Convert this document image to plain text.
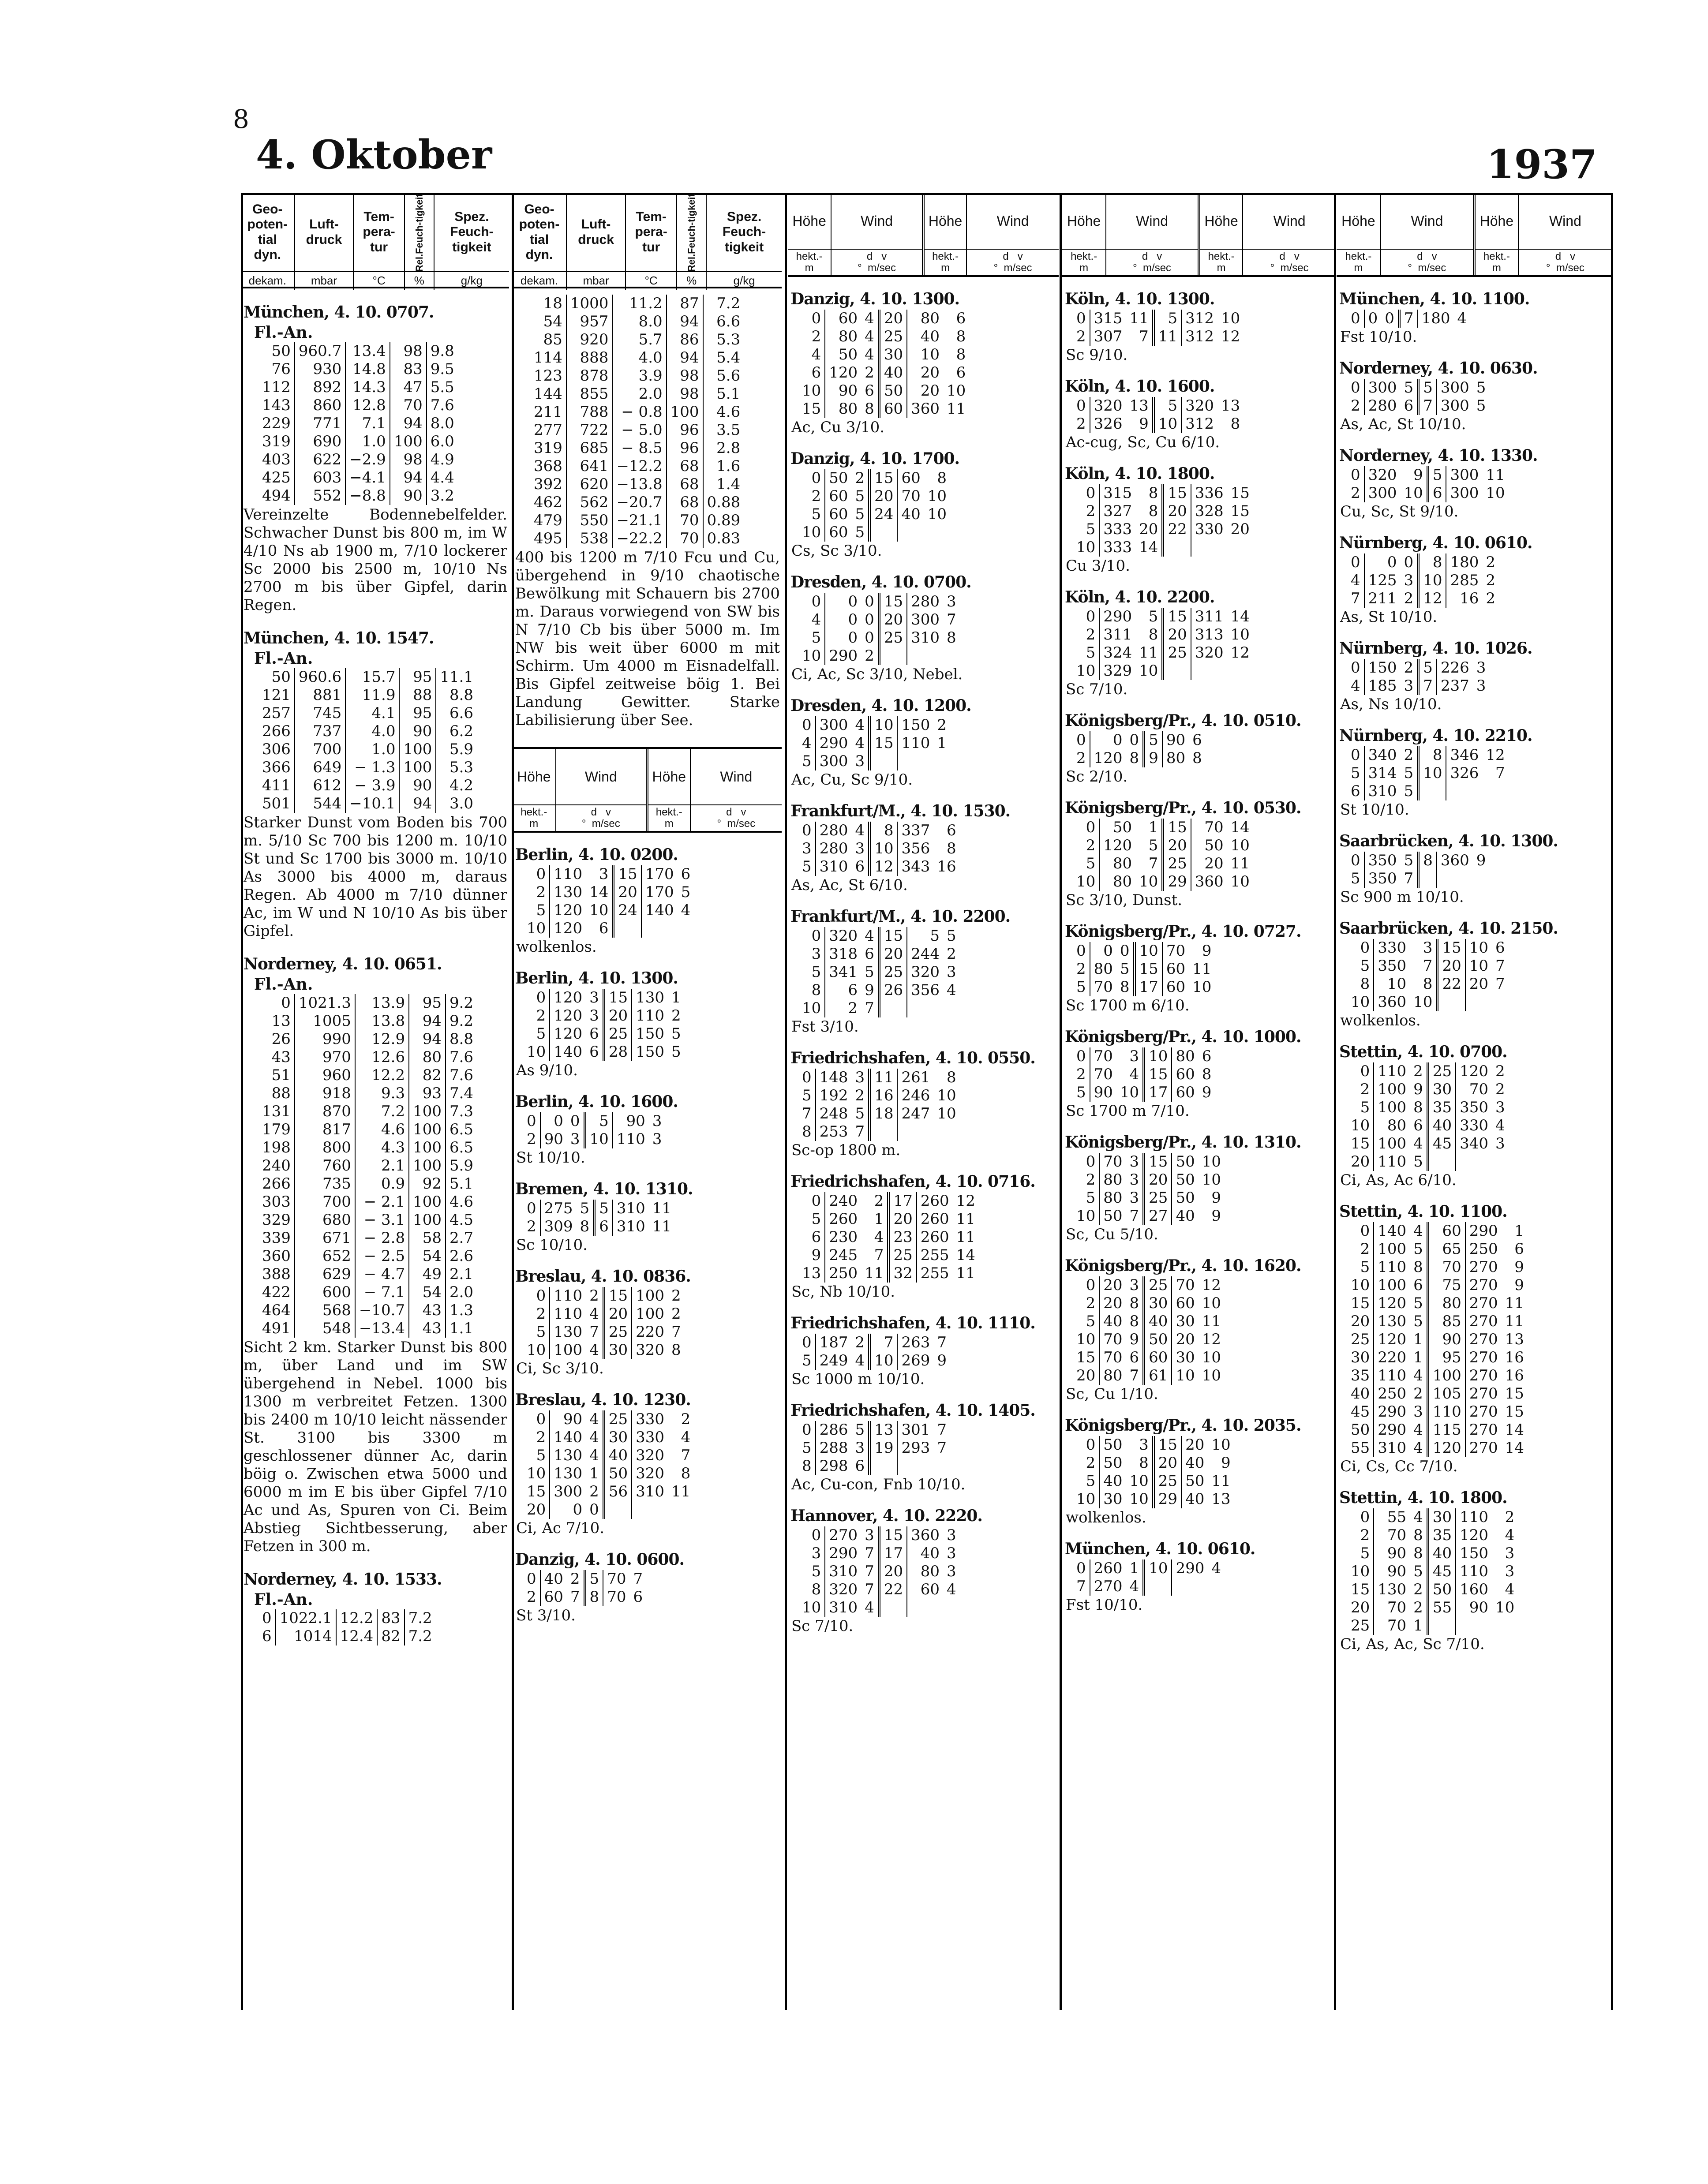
8
4. Oktober	1937
Geo-
poten-
tial
dyn.	Luft-
druck	Tem-
pera-
tur	Rel.Feuch-tigkeit	Spez.
Feuch-
tigkeit
dekam.	mbar	°C	%	g/kg
München, 4. 10. 0707.
Fl.-An.
50	960.7	13.4	98	9.8
76	930	14.8	83	9.5
112	892	14.3	47	5.5
143	860	12.8	70	7.6
229	771	7.1	94	8.0
319	690	1.0	100	6.0
403	622	−2.9	98	4.9
425	603	−4.1	94	4.4
494	552	−8.8	90	3.2
Vereinzelte Bodennebelfelder. Schwacher Dunst bis 800 m, im W 4/10 Ns ab 1900 m, 7/10 lockerer Sc 2000 bis 2500 m, 10/10 Ns 2700 m bis über Gipfel, darin Regen.
München, 4. 10. 1547.
Fl.-An.
50	960.6	15.7	95	11.1
121	881	11.9	88	8.8
257	745	4.1	95	6.6
266	737	4.0	90	6.2
306	700	1.0	100	5.9
366	649	− 1.3	100	5.3
411	612	− 3.9	90	4.2
501	544	−10.1	94	3.0
Starker Dunst vom Boden bis 700 m. 5/10 Sc 700 bis 1200 m. 10/10 St und Sc 1700 bis 3000 m. 10/10 As 3000 bis 4000 m, daraus Regen. Ab 4000 m 7/10 dünner Ac, im W und N 10/10 As bis über Gipfel.
Norderney, 4. 10. 0651.
Fl.-An.
0	1021.3	13.9	95	9.2
13	1005	13.8	94	9.2
26	990	12.9	94	8.8
43	970	12.6	80	7.6
51	960	12.2	82	7.6
88	918	9.3	93	7.4
131	870	7.2	100	7.3
179	817	4.6	100	6.5
198	800	4.3	100	6.5
240	760	2.1	100	5.9
266	735	0.9	92	5.1
303	700	− 2.1	100	4.6
329	680	− 3.1	100	4.5
339	671	− 2.8	58	2.7
360	652	− 2.5	54	2.6
388	629	− 4.7	49	2.1
422	600	− 7.1	54	2.0
464	568	−10.7	43	1.3
491	548	−13.4	43	1.1
Sicht 2 km. Starker Dunst bis 800 m, über Land und im SW übergehend in Nebel. 1000 bis 1300 m verbreitet Fetzen. 1300 bis 2400 m 10/10 leicht nässender St. 3100 bis 3300 m geschlossener dünner Ac, darin böig o. Zwischen etwa 5000 und 6000 m im E bis über Gipfel 7/10 Ac und As, Spuren von Ci. Beim Abstieg Sichtbesserung, aber Fetzen in 300 m.
Norderney, 4. 10. 1533.
Fl.-An.
0	1022.1	12.2	83	7.2
6	1014	12.4	82	7.2
Geo-
poten-
tial
dyn.	Luft-
druck	Tem-
pera-
tur	Rel.Feuch-tigkeit	Spez.
Feuch-
tigkeit
dekam.	mbar	°C	%	g/kg
18	1000	11.2	87	7.2
54	957	8.0	94	6.6
85	920	5.7	86	5.3
114	888	4.0	94	5.4
123	878	3.9	98	5.6
144	855	2.0	98	5.1
211	788	− 0.8	100	4.6
277	722	− 5.0	96	3.5
319	685	− 8.5	96	2.8
368	641	−12.2	68	1.6
392	620	−13.8	68	1.4
462	562	−20.7	68	0.88
479	550	−21.1	70	0.89
495	538	−22.2	70	0.83
400 bis 1200 m 7/10 Fcu und Cu, übergehend in 9/10 chaotische Bewölkung mit Schauern bis 2700 m. Daraus vorwiegend von SW bis N 7/10 Cb bis über 5000 m. Im NW bis weit über 6000 m mit Schirm. Um 4000 m Eisnadelfall. Bis Gipfel zeitweise böig 1. Bei Landung Gewitter. Starke Labilisierung über See.
Höhe	Wind	Höhe	Wind
hekt.-
m	d   v
°  m/sec	hekt.-
m	d   v
°  m/sec
Berlin, 4. 10. 0200.
0	110	3	15	170	6
2	130	14	20	170	5
5	120	10	24	140	4
10	120	6			
wolkenlos.
Berlin, 4. 10. 1300.
0	120	3	15	130	1
2	120	3	20	110	2
5	120	6	25	150	5
10	140	6	28	150	5
As 9/10.
Berlin, 4. 10. 1600.
0	0	0	5	90	3
2	90	3	10	110	3
St 10/10.
Bremen, 4. 10. 1310.
0	275	5	5	310	11
2	309	8	6	310	11
Sc 10/10.
Breslau, 4. 10. 0836.
0	110	2	15	100	2
2	110	4	20	100	2
5	130	7	25	220	7
10	100	4	30	320	8
Ci, Sc 3/10.
Breslau, 4. 10. 1230.
0	90	4	25	330	2
2	140	4	30	330	4
5	130	4	40	320	7
10	130	1	50	320	8
15	300	2	56	310	11
20	0	0			
Ci, Ac 7/10.
Danzig, 4. 10. 0600.
0	40	2	5	70	7
2	60	7	8	70	6
St 3/10.
Höhe	Wind	Höhe	Wind
hekt.-
m	d   v
°  m/sec	hekt.-
m	d   v
°  m/sec
Danzig, 4. 10. 1300.
0	60	4	20	80	6
2	80	4	25	40	8
4	50	4	30	10	8
6	120	2	40	20	6
10	90	6	50	20	10
15	80	8	60	360	11
Ac, Cu 3/10.
Danzig, 4. 10. 1700.
0	50	2	15	60	8
2	60	5	20	70	10
5	60	5	24	40	10
10	60	5			
Cs, Sc 3/10.
Dresden, 4. 10. 0700.
0	0	0	15	280	3
4	0	0	20	300	7
5	0	0	25	310	8
10	290	2			
Ci, Ac, Sc 3/10, Nebel.
Dresden, 4. 10. 1200.
0	300	4	10	150	2
4	290	4	15	110	1
5	300	3			
Ac, Cu, Sc 9/10.
Frankfurt/M., 4. 10. 1530.
0	280	4	8	337	6
3	280	3	10	356	8
5	310	6	12	343	16
As, Ac, St 6/10.
Frankfurt/M., 4. 10. 2200.
0	320	4	15	5	5
3	318	6	20	244	2
5	341	5	25	320	3
8	6	9	26	356	4
10	2	7			
Fst 3/10.
Friedrichshafen, 4. 10. 0550.
0	148	3	11	261	8
5	192	2	16	246	10
7	248	5	18	247	10
8	253	7			
Sc-op 1800 m.
Friedrichshafen, 4. 10. 0716.
0	240	2	17	260	12
5	260	1	20	260	11
6	230	4	23	260	11
9	245	7	25	255	14
13	250	11	32	255	11
Sc, Nb 10/10.
Friedrichshafen, 4. 10. 1110.
0	187	2	7	263	7
5	249	4	10	269	9
Sc 1000 m 10/10.
Friedrichshafen, 4. 10. 1405.
0	286	5	13	301	7
5	288	3	19	293	7
8	298	6			
Ac, Cu-con, Fnb 10/10.
Hannover, 4. 10. 2220.
0	270	3	15	360	3
3	290	7	17	40	3
5	310	7	20	80	3
8	320	7	22	60	4
10	310	4			
Sc 7/10.
Höhe	Wind	Höhe	Wind
hekt.-
m	d   v
°  m/sec	hekt.-
m	d   v
°  m/sec
Köln, 4. 10. 1300.
0	315	11	5	312	10
2	307	7	11	312	12
Sc 9/10.
Köln, 4. 10. 1600.
0	320	13	5	320	13
2	326	9	10	312	8
Ac-cug, Sc, Cu 6/10.
Köln, 4. 10. 1800.
0	315	8	15	336	15
2	327	8	20	328	15
5	333	20	22	330	20
10	333	14			
Cu 3/10.
Köln, 4. 10. 2200.
0	290	5	15	311	14
2	311	8	20	313	10
5	324	11	25	320	12
10	329	10			
Sc 7/10.
Königsberg/Pr., 4. 10. 0510.
0	0	0	5	90	6
2	120	8	9	80	8
Sc 2/10.
Königsberg/Pr., 4. 10. 0530.
0	50	1	15	70	14
2	120	5	20	50	10
5	80	7	25	20	11
10	80	10	29	360	10
Sc 3/10, Dunst.
Königsberg/Pr., 4. 10. 0727.
0	0	0	10	70	9
2	80	5	15	60	11
5	70	8	17	60	10
Sc 1700 m 6/10.
Königsberg/Pr., 4. 10. 1000.
0	70	3	10	80	6
2	70	4	15	60	8
5	90	10	17	60	9
Sc 1700 m 7/10.
Königsberg/Pr., 4. 10. 1310.
0	70	3	15	50	10
2	80	3	20	50	10
5	80	3	25	50	9
10	50	7	27	40	9
Sc, Cu 5/10.
Königsberg/Pr., 4. 10. 1620.
0	20	3	25	70	12
2	20	8	30	60	10
5	40	8	40	30	11
10	70	9	50	20	12
15	70	6	60	30	10
20	80	7	61	10	10
Sc, Cu 1/10.
Königsberg/Pr., 4. 10. 2035.
0	50	3	15	20	10
2	50	8	20	40	9
5	40	10	25	50	11
10	30	10	29	40	13
wolkenlos.
München, 4. 10. 0610.
0	260	1	10	290	4
7	270	4			
Fst 10/10.
Höhe	Wind	Höhe	Wind
hekt.-
m	d   v
°  m/sec	hekt.-
m	d   v
°  m/sec
München, 4. 10. 1100.
0	0	0	7	180	4
Fst 10/10.
Norderney, 4. 10. 0630.
0	300	5	5	300	5
2	280	6	7	300	5
As, Ac, St 10/10.
Norderney, 4. 10. 1330.
0	320	9	5	300	11
2	300	10	6	300	10
Cu, Sc, St 9/10.
Nürnberg, 4. 10. 0610.
0	0	0	8	180	2
4	125	3	10	285	2
7	211	2	12	16	2
As, St 10/10.
Nürnberg, 4. 10. 1026.
0	150	2	5	226	3
4	185	3	7	237	3
As, Ns 10/10.
Nürnberg, 4. 10. 2210.
0	340	2	8	346	12
5	314	5	10	326	7
6	310	5			
St 10/10.
Saarbrücken, 4. 10. 1300.
0	350	5	8	360	9
5	350	7			
Sc 900 m 10/10.
Saarbrücken, 4. 10. 2150.
0	330	3	15	10	6
5	350	7	20	10	7
8	10	8	22	20	7
10	360	10			
wolkenlos.
Stettin, 4. 10. 0700.
0	110	2	25	120	2
2	100	9	30	70	2
5	100	8	35	350	3
10	80	6	40	330	4
15	100	4	45	340	3
20	110	5			
Ci, As, Ac 6/10.
Stettin, 4. 10. 1100.
0	140	4	60	290	1
2	100	5	65	250	6
5	110	8	70	270	9
10	100	6	75	270	9
15	120	5	80	270	11
20	130	5	85	270	11
25	120	1	90	270	13
30	220	1	95	270	16
35	110	4	100	270	16
40	250	2	105	270	15
45	290	3	110	270	15
50	290	4	115	270	14
55	310	4	120	270	14
Ci, Cs, Cc 7/10.
Stettin, 4. 10. 1800.
0	55	4	30	110	2
2	70	8	35	120	4
5	90	8	40	150	3
10	90	5	45	110	3
15	130	2	50	160	4
20	70	2	55	90	10
25	70	1			
Ci, As, Ac, Sc 7/10.
